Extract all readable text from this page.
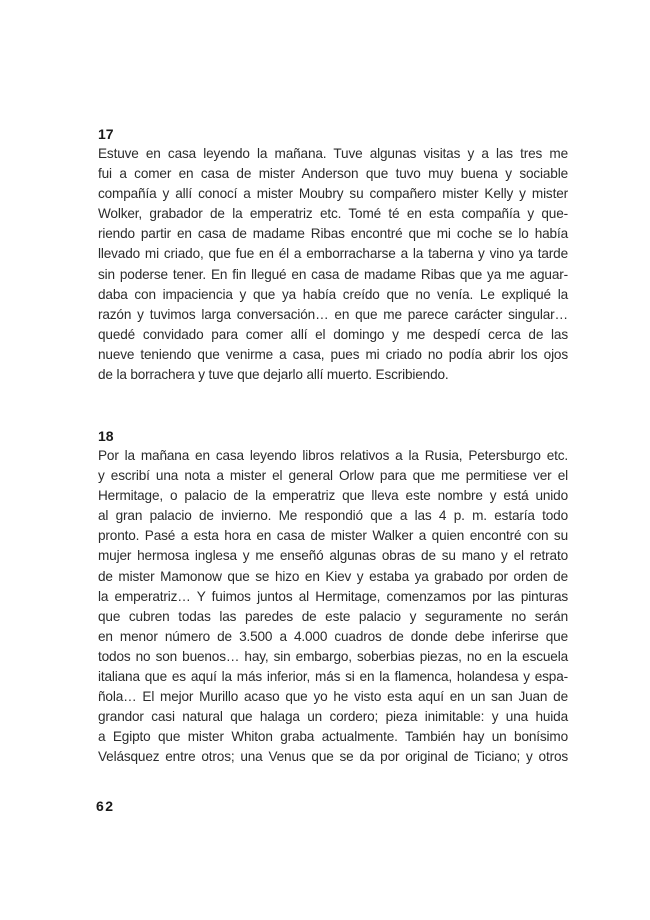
17
Estuve en casa leyendo la mañana. Tuve algunas visitas y a las tres me
fui a comer en casa de mister Anderson que tuvo muy buena y sociable
compañía y allí conocí a mister Moubry su compañero mister Kelly y mister
Wolker, grabador de la emperatriz etc. Tomé té en esta compañía y que-
riendo partir en casa de madame Ribas encontré que mi coche se lo había
llevado mi criado, que fue en él a emborracharse a la taberna y vino ya tarde
sin poderse tener. En fin llegué en casa de madame Ribas que ya me aguar-
daba con impaciencia y que ya había creído que no venía. Le expliqué la
razón y tuvimos larga conversación… en que me parece carácter singular…
quedé convidado para comer allí el domingo y me despedí cerca de las
nueve teniendo que venirme a casa, pues mi criado no podía abrir los ojos
de la borrachera y tuve que dejarlo allí muerto. Escribiendo.
18
Por la mañana en casa leyendo libros relativos a la Rusia, Petersburgo etc.
y escribí una nota a mister el general Orlow para que me permitiese ver el
Hermitage, o palacio de la emperatriz que lleva este nombre y está unido
al gran palacio de invierno. Me respondió que a las 4 p. m. estaría todo
pronto. Pasé a esta hora en casa de mister Walker a quien encontré con su
mujer hermosa inglesa y me enseñó algunas obras de su mano y el retrato
de mister Mamonow que se hizo en Kiev y estaba ya grabado por orden de
la emperatriz… Y fuimos juntos al Hermitage, comenzamos por las pinturas
que cubren todas las paredes de este palacio y seguramente no serán
en menor número de 3.500 a 4.000 cuadros de donde debe inferirse que
todos no son buenos… hay, sin embargo, soberbias piezas, no en la escuela
italiana que es aquí la más inferior, más si en la flamenca, holandesa y espa-
ñola… El mejor Murillo acaso que yo he visto esta aquí en un san Juan de
grandor casi natural que halaga un cordero; pieza inimitable: y una huida
a Egipto que mister Whiton graba actualmente. También hay un bonísimo
Velásquez entre otros; una Venus que se da por original de Ticiano; y otros
62
